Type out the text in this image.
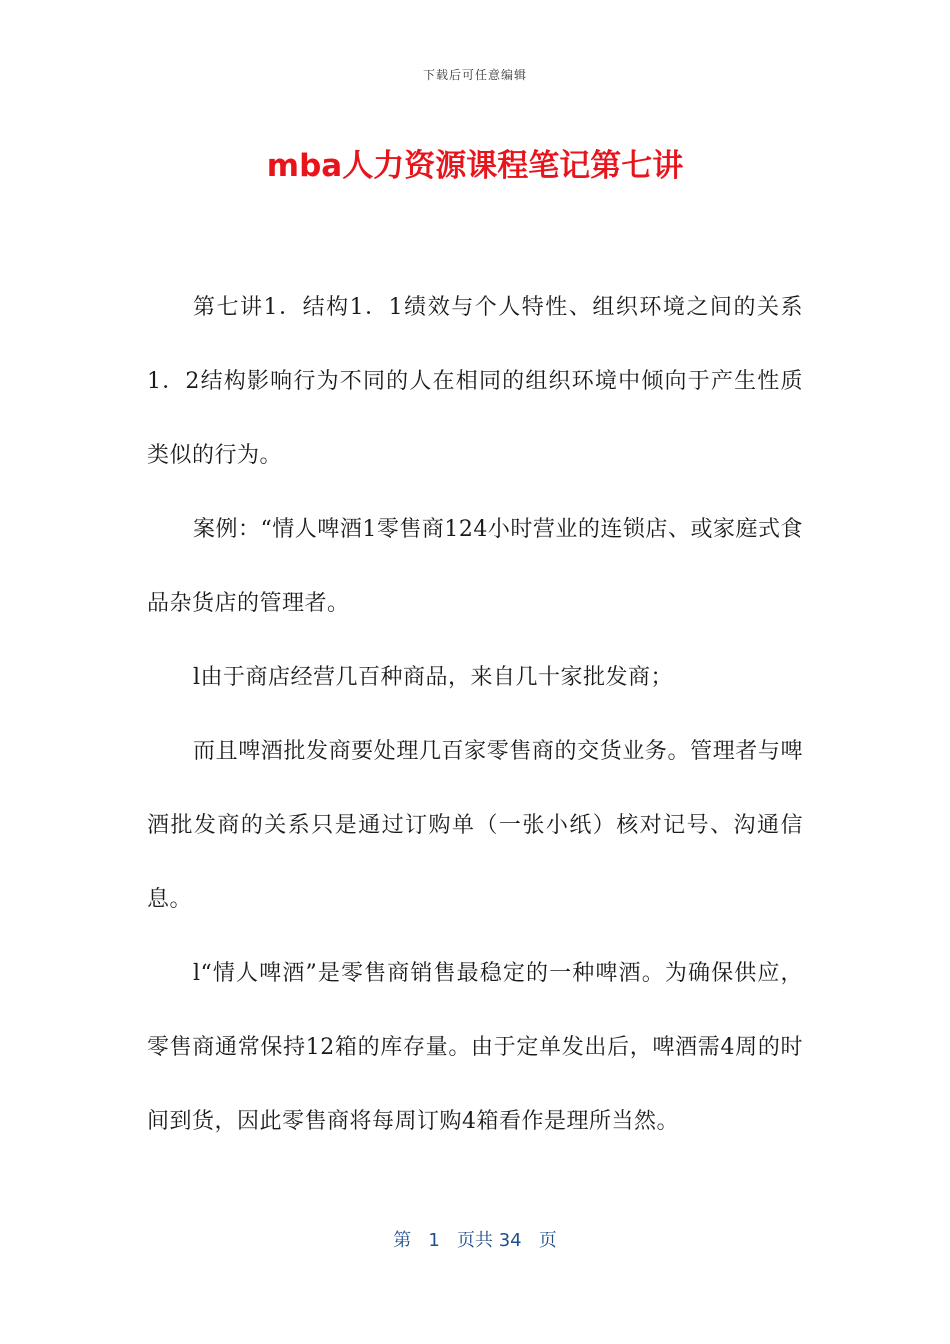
下载后可任意编辑
mba人力资源课程笔记第七讲

第七讲1．结构1．1绩效与个人特性、组织环境之间的关系1．2结构影响行为不同的人在相同的组织环境中倾向于产生性质类似的行为。

案例：“情人啤酒1零售商124小时营业的连锁店、或家庭式食品杂货店的管理者。

l由于商店经营几百种商品，来自几十家批发商；

而且啤酒批发商要处理几百家零售商的交货业务。管理者与啤酒批发商的关系只是通过订购单（一张小纸）核对记号、沟通信息。

l“情人啤酒”是零售商销售最稳定的一种啤酒。为确保供应，零售商通常保持12箱的库存量。由于定单发出后，啤酒需4周的时间到货，因此零售商将每周订购4箱看作是理所当然。

第 1 页共 34 页
